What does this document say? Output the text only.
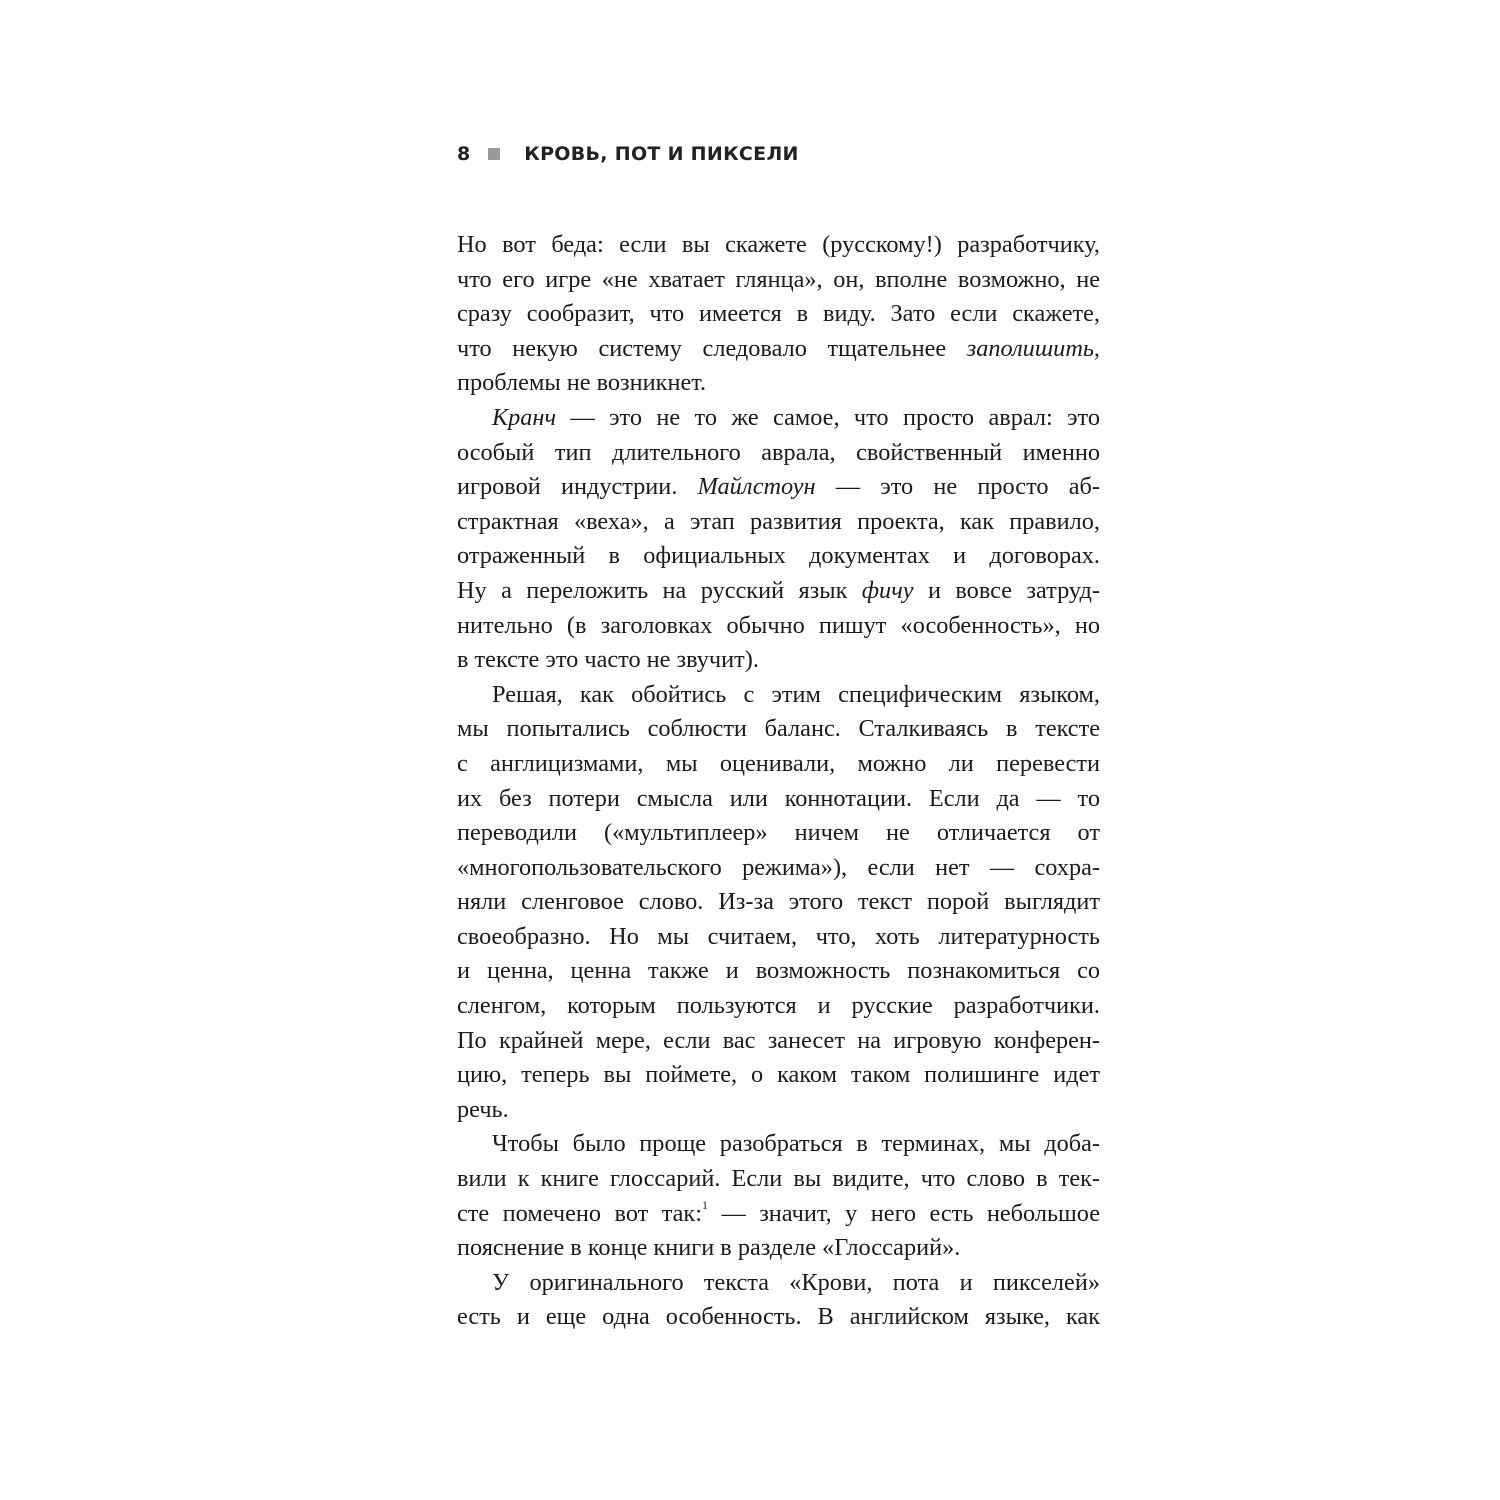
8	КРОВЬ, ПОТ И ПИКСЕЛИ
Но вот беда: если вы скажете (русскому!) разработчику,
что его игре «не хватает глянца», он, вполне возможно, не
сразу сообразит, что имеется в виду. Зато если скажете,
что некую систему следовало тщательнее заполишить,
проблемы не возникнет.
Кранч — это не то же самое, что просто аврал: это
особый тип длительного аврала, свойственный именно
игровой индустрии. Майлстоун — это не просто аб-
страктная «веха», а этап развития проекта, как правило,
отраженный в официальных документах и договорах.
Ну а переложить на русский язык фичу и вовсе затруд-
нительно (в заголовках обычно пишут «особенность», но
в тексте это часто не звучит).
Решая, как обойтись с этим специфическим языком,
мы попытались соблюсти баланс. Сталкиваясь в тексте
с англицизмами, мы оценивали, можно ли перевести
их без потери смысла или коннотации. Если да — то
переводили («мультиплеер» ничем не отличается от
«многопользовательского режима»), если нет — сохра-
няли сленговое слово. Из-за этого текст порой выглядит
своеобразно. Но мы считаем, что, хоть литературность
и ценна, ценна также и возможность познакомиться со
сленгом, которым пользуются и русские разработчики.
По крайней мере, если вас занесет на игровую конферен-
цию, теперь вы поймете, о каком таком полишинге идет
речь.
Чтобы было проще разобраться в терминах, мы доба-
вили к книге глоссарий. Если вы видите, что слово в тек-
сте помечено вот так:$^1$ — значит, у него есть небольшое
пояснение в конце книги в разделе «Глоссарий».
У оригинального текста «Крови, пота и пикселей»
есть и еще одна особенность. В английском языке, как
